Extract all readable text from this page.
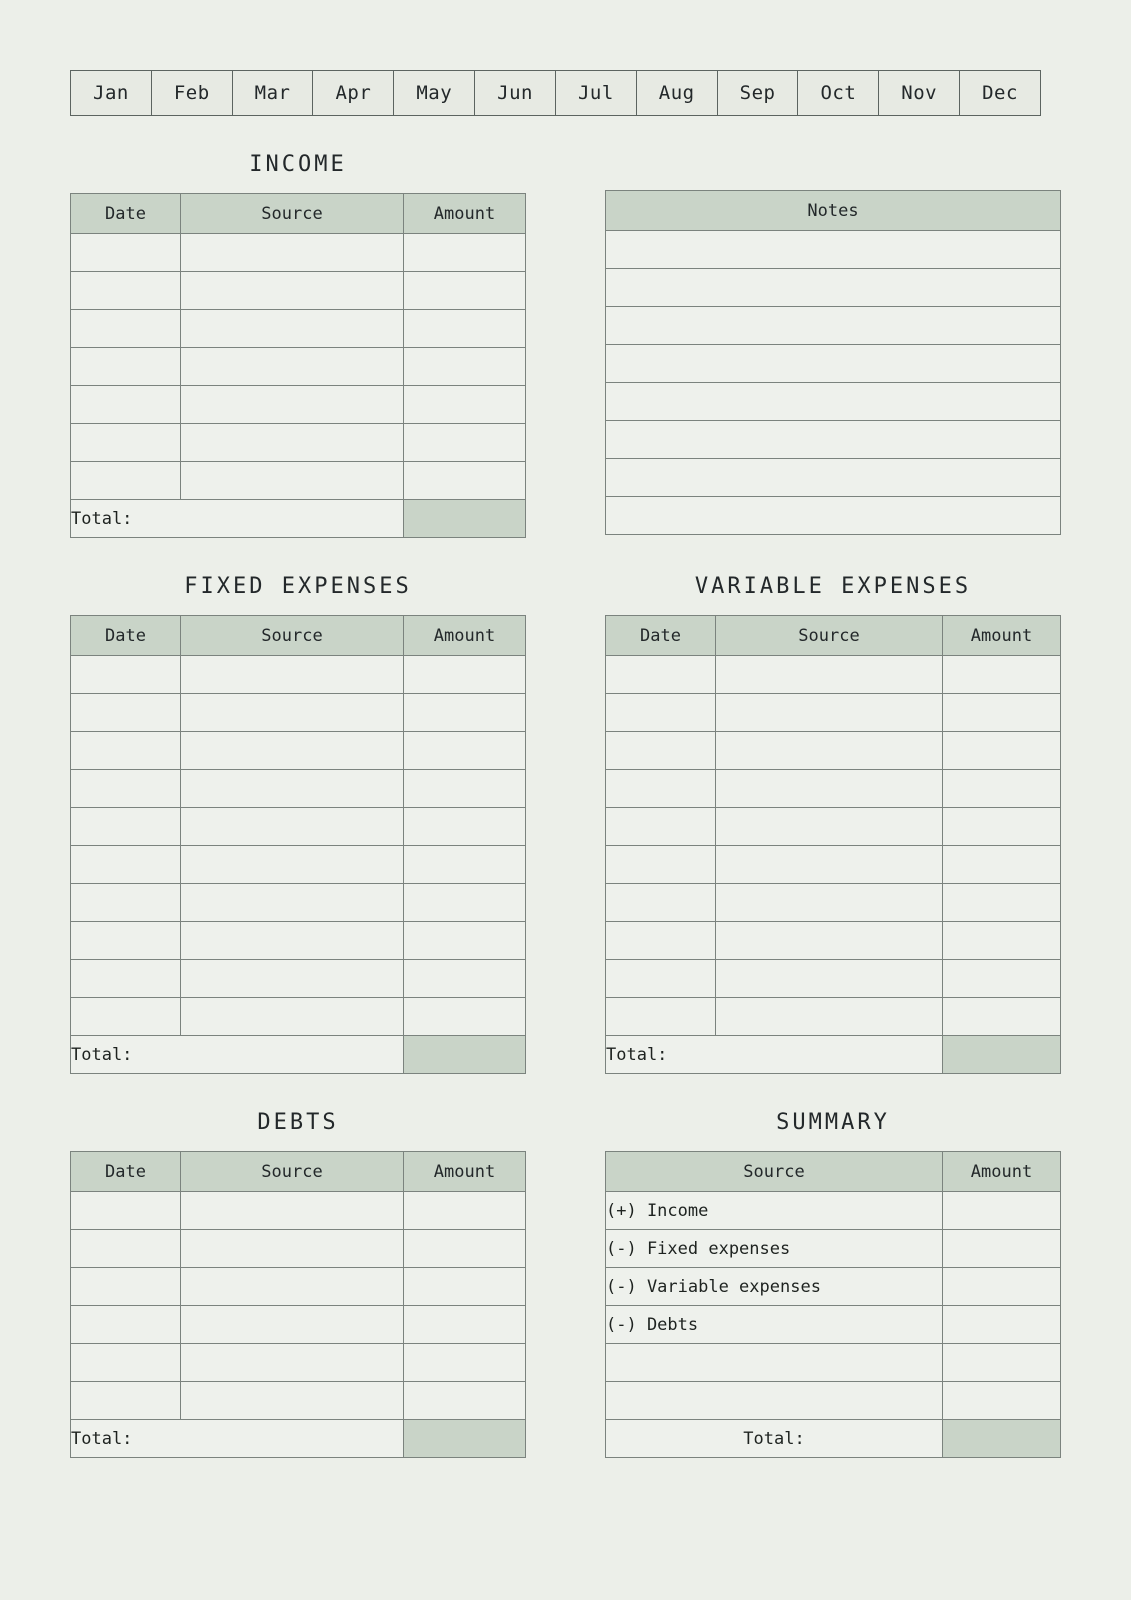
Jan	Feb	Mar	Apr	May	Jun	Jul	Aug	Sep	Oct	Nov	Dec
INCOME
Date	Source	Amount

Total:		
Notes

FIXED EXPENSES
Date	Source	Amount

Total:		
VARIABLE EXPENSES
Date	Source	Amount

Total:		
DEBTS
Date	Source	Amount

Total:		
SUMMARY
Source	Amount
(+) Income	
(-) Fixed expenses	
(-) Variable expenses	
(-) Debts	

Total:	
